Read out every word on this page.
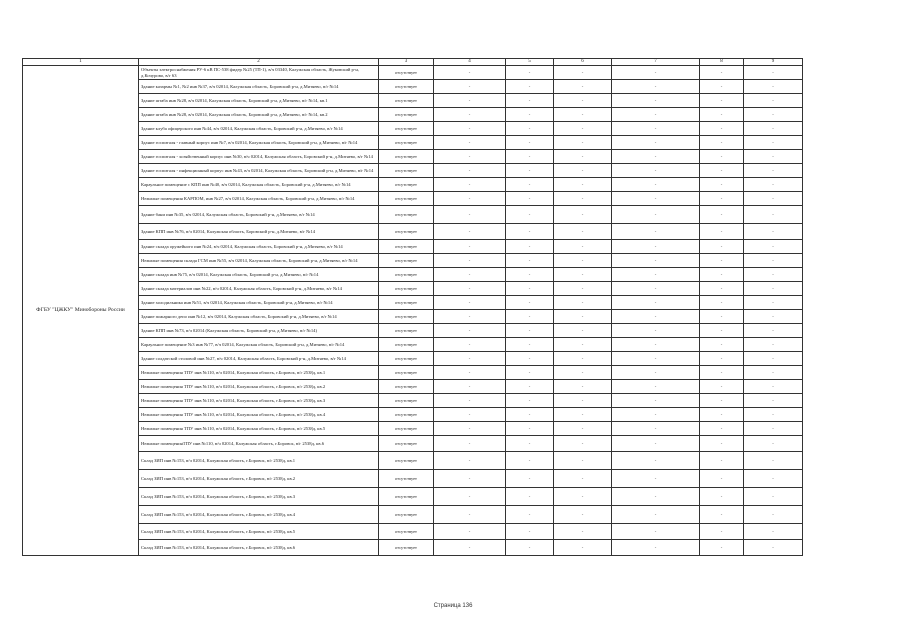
1	2	3	4	5	6	7	8	9
ФГБУ "ЦЖКУ" Минобороны России	Объекты электроснабжения РУ-6 кВ ПС-538 фидер №25 (ТП-1), в/ч 03340, Калужская область, Жуковский р-н, д.Кочурово, в/г 63	отсутствует	-	-	-	-	-	-
	Здание казармы №1, №2 инв №37, в/ч 02014, Калужская область, Боровский р-н, д.Митяево, в/г №14	отсутствует	-	-	-	-	-	-
	Здание штаба инв №28, в/ч 02014, Калужская область, Боровский р-н, д.Митяево, в/г №14, кв.1	отсутствует	-	-	-	-	-	-
	Здание штаба инв №28, в/ч 02014, Калужская область, Боровский р-н, д.Митяево, в/г №14, кв.2	отсутствует	-	-	-	-	-	-
	Здание клуба офицерского инв №44, в/ч 02014, Калужская область, Боровский р-н, д.Митяево, в/г №14	отсутствует	-	-	-	-	-	-
	Здание госпиталя - главный корпус инв №7, в/ч 02014, Калужская область, Боровский р-н, д.Митяево, в/г №14	отсутствует	-	-	-	-	-	-
	Здание госпиталя - хозяйственный корпус инв №30, в/ч 02014, Калужская область, Боровский р-н, д.Митяево, в/г №14	отсутствует	-	-	-	-	-	-
	Здание госпиталя - инфекционный корпус инв №43, в/ч 02014, Калужская область, Боровский р-н, д.Митяево, в/г №14	отсутствует	-	-	-	-	-	-
	Караульное помещение с КПП инв №40, в/ч 02014, Калужская область, Боровский р-н, д.Митяево, в/г №14	отсутствует	-	-	-	-	-	-
	Нежилые помещения КАРПОМ, инв №27, в/ч 02014, Калужская область, Боровский р-н, д.Митяево, в/г №14	отсутствует	-	-	-	-	-	-
	Здание бани инв №35, в/ч 02014, Калужская область, Боровский р-н, д.Митяево, в/г №14	отсутствует	-	-	-	-	-	-
	Здание КПП инв №76, в/ч 02014, Калужская область, Боровский р-н, д.Митяево, в/г №14	отсутствует	-	-	-	-	-	-
	Здание склада оружейного инв №24, в/ч 02014, Калужская область, Боровский р-н, д.Митяево, в/г №14	отсутствует	-	-	-	-	-	-
	Нежилые помещения склада ГСМ инв №55, в/ч 02014, Калужская область, Боровский р-н, д.Митяево, в/г №14	отсутствует	-	-	-	-	-	-
	Здание склада инв №75, в/ч 02014, Калужская область, Боровский р-н, д.Митяево, в/г №14	отсутствует	-	-	-	-	-	-
	Здание склада материалов инв №22, в/ч 02014, Калужская область, Боровский р-н, д.Митяево, в/г №14	отсутствует	-	-	-	-	-	-
	Здание холодильника инв №51, в/ч 02014, Калужская область, Боровский р-н, д.Митяево, в/г №14	отсутствует	-	-	-	-	-	-
	Здание пожарного депо инв №12, в/ч 02014, Калужская область, Боровский р-н, д.Митяево, в/г №14	отсутствует	-	-	-	-	-	-
	Здание КПП инв №73, в/ч 02014 (Калужская область, Боровский р-н, д.Митяево, в/г №14)	отсутствует	-	-	-	-	-	-
	Караульное помещение №3 инв №77, в/ч 02014, Калужская область, Боровский р-н, д.Митяево, в/г №14	отсутствует	-	-	-	-	-	-
	Здание солдатской столовой инв №27, в/ч 02014, Калужская область, Боровский р-н, д.Митяево, в/г №14	отсутствует	-	-	-	-	-	-
	Нежилые помещения ТПУ инв №110, в/ч 02014, Калужская область, г.Боровск, в/г 2538д, кв.1	отсутствует	-	-	-	-	-	-
	Нежилые помещения ТПУ инв №110, в/ч 02014, Калужская область, г.Боровск, в/г 2538д, кв.2	отсутствует	-	-	-	-	-	-
	Нежилые помещения ТПУ инв №110, в/ч 02014, Калужская область, г.Боровск, в/г 2538д, кв.3	отсутствует	-	-	-	-	-	-
	Нежилые помещения ТПУ инв №110, в/ч 02014, Калужская область, г.Боровск, в/г 2538д, кв.4	отсутствует	-	-	-	-	-	-
	Нежилые помещения ТПУ инв №110, в/ч 02014, Калужская область, г.Боровск, в/г 2538д, кв.5	отсутствует	-	-	-	-	-	-
	Нежилые помещенияТПУ инв №110, в/ч 02014, Калужская область, г.Боровск, в/г 2538д, кв.6	отсутствует	-	-	-	-	-	-
	Склад ЗИП инв №153, в/ч 02014, Калужская область, г.Боровск, в/г 2538д, кв.1	отсутствует	-	-	-	-	-	-
	Склад ЗИП инв №153, в/ч 02014, Калужская область, г.Боровск, в/г 2538д, кв.2	отсутствует	-	-	-	-	-	-
	Склад ЗИП инв №153, в/ч 02014, Калужская область, г.Боровск, в/г 2538д, кв.3	отсутствует	-	-	-	-	-	-
	Склад ЗИП инв №153, в/ч 02014, Калужская область, г.Боровск, в/г 2538д, кв.4	отсутствует	-	-	-	-	-	-
	Склад ЗИП инв №153, в/ч 02014, Калужская область, г.Боровск, в/г 2538д, кв.5	отсутствует	-	-	-	-	-	-
	Склад ЗИП инв №153, в/ч 02014, Калужская область, г.Боровск, в/г 2538д, кв.6	отсутствует	-	-	-	-	-	-
Страница 136
